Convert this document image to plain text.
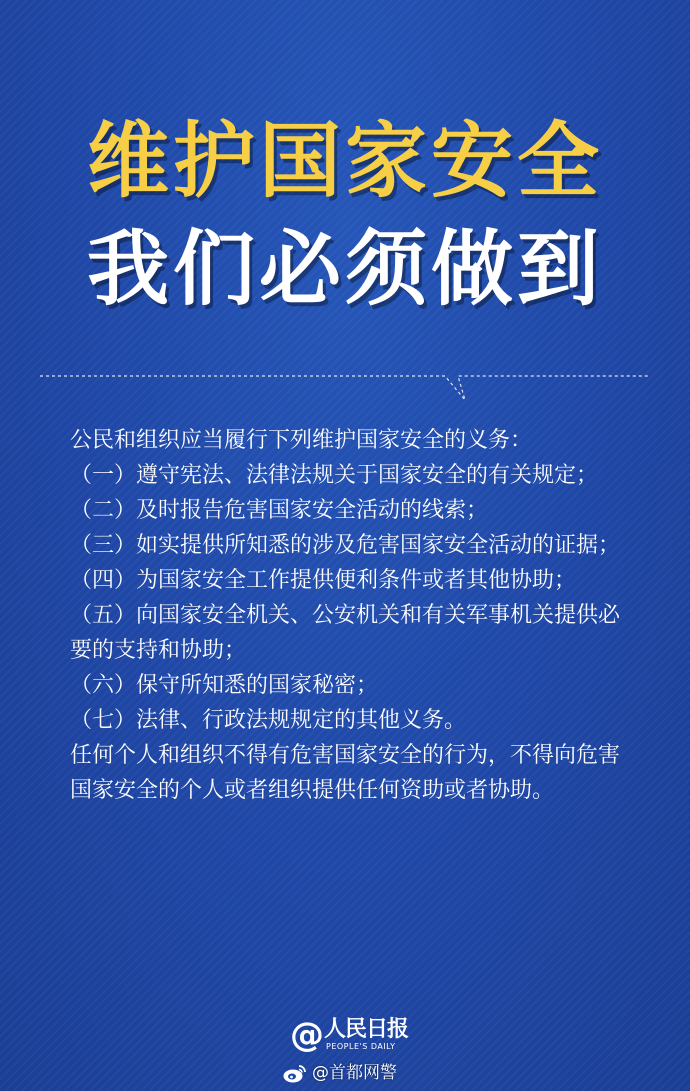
维护国家安全
我们必须做到

公民和组织应当履行下列维护国家安全的义务：

（一）遵守宪法、法律法规关于国家安全的有关规定；

（二）及时报告危害国家安全活动的线索；

（三）如实提供所知悉的涉及危害国家安全活动的证据；

（四）为国家安全工作提供便利条件或者其他协助；

（五）向国家安全机关、公安机关和有关军事机关提供必要的支持和协助；

（六）保守所知悉的国家秘密；

（七）法律、行政法规规定的其他义务。

任何个人和组织不得有危害国家安全的行为，不得向危害国家安全的个人或者组织提供任何资助或者协助。

@ 人民日报
PEOPLE'S DAILY
@首都网警
